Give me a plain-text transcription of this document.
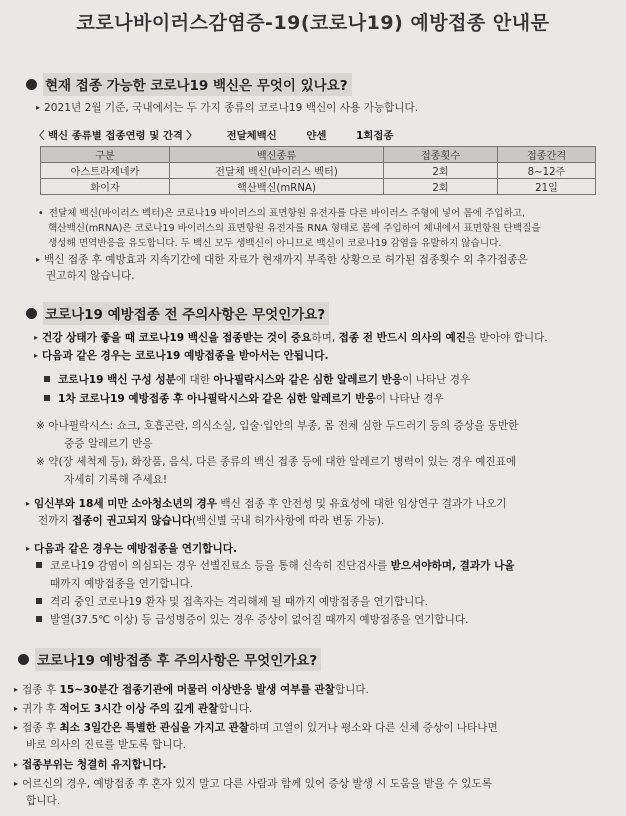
코로나바이러스감염증-19(코로나19) 예방접종 안내문
현재 접종 가능한 코로나19 백신은 무엇이 있나요?
▸ 2021년 2월 기준, 국내에서는 두 가지 종류의 코로나19 백신이 사용 가능합니다.
〈 백신 종류별 접종연령 및 간격 〉	전달체백신	얀센	1회접종
구분	백신종류	접종횟수	접종간격
아스트라제네카	전달체 백신(바이러스 벡터)	2회	8~12주
화이자	핵산백신(mRNA)	2회	21일
• 전달체 백신(바이러스 벡터)은 코로나19 바이러스의 표면항원 유전자를 다른 바이러스 주형에 넣어 몸에 주입하고,
핵산백신(mRNA)은 코로나19 바이러스의 표면항원 유전자를 RNA 형태로 몸에 주입하여 체내에서 표면항원 단백질을
생성해 면역반응을 유도합니다. 두 백신 모두 생백신이 아니므로 백신이 코로나19 감염을 유발하지 않습니다.
▸ 백신 접종 후 예방효과 지속기간에 대한 자료가 현재까지 부족한 상황으로 허가된 접종횟수 외 추가접종은
권고하지 않습니다.
코로나19 예방접종 전 주의사항은 무엇인가요?
▸ 건강 상태가 좋을 때 코로나19 백신을 접종받는 것이 중요하며, 접종 전 반드시 의사의 예진을 받아야 합니다.
▸ 다음과 같은 경우는 코로나19 예방접종을 받아서는 안됩니다.
코로나19 백신 구성 성분에 대한 아나필락시스와 같은 심한 알레르기 반응이 나타난 경우
1차 코로나19 예방접종 후 아나필락시스와 같은 심한 알레르기 반응이 나타난 경우
※ 아나필락시스: 쇼크, 호흡곤란, 의식소실, 입술·입안의 부종, 몸 전체 심한 두드러기 등의 증상을 동반한
중증 알레르기 반응
※ 약(장 세척제 등), 화장품, 음식, 다른 종류의 백신 접종 등에 대한 알레르기 병력이 있는 경우 예진표에
자세히 기록해 주세요!
▸ 임신부와 18세 미만 소아청소년의 경우 백신 접종 후 안전성 및 유효성에 대한 임상연구 결과가 나오기
전까지 접종이 권고되지 않습니다(백신별 국내 허가사항에 따라 변동 가능).
▸ 다음과 같은 경우는 예방접종을 연기합니다.
코로나19 감염이 의심되는 경우 선별진료소 등을 통해 신속히 진단검사를 받으셔야하며, 결과가 나올
때까지 예방접종을 연기합니다.
격리 중인 코로나19 환자 및 접촉자는 격리해제 될 때까지 예방접종을 연기합니다.
발열(37.5℃ 이상) 등 급성병증이 있는 경우 증상이 없어질 때까지 예방접종을 연기합니다.
코로나19 예방접종 후 주의사항은 무엇인가요?
▸ 접종 후 15~30분간 접종기관에 머물러 이상반응 발생 여부를 관찰합니다.
▸ 귀가 후 적어도 3시간 이상 주의 깊게 관찰합니다.
▸ 접종 후 최소 3일간은 특별한 관심을 가지고 관찰하며 고열이 있거나 평소와 다른 신체 증상이 나타나면
바로 의사의 진료를 받도록 합니다.
▸ 접종부위는 청결히 유지합니다.
▸ 어르신의 경우, 예방접종 후 혼자 있지 말고 다른 사람과 함께 있어 증상 발생 시 도움을 받을 수 있도록
합니다.
